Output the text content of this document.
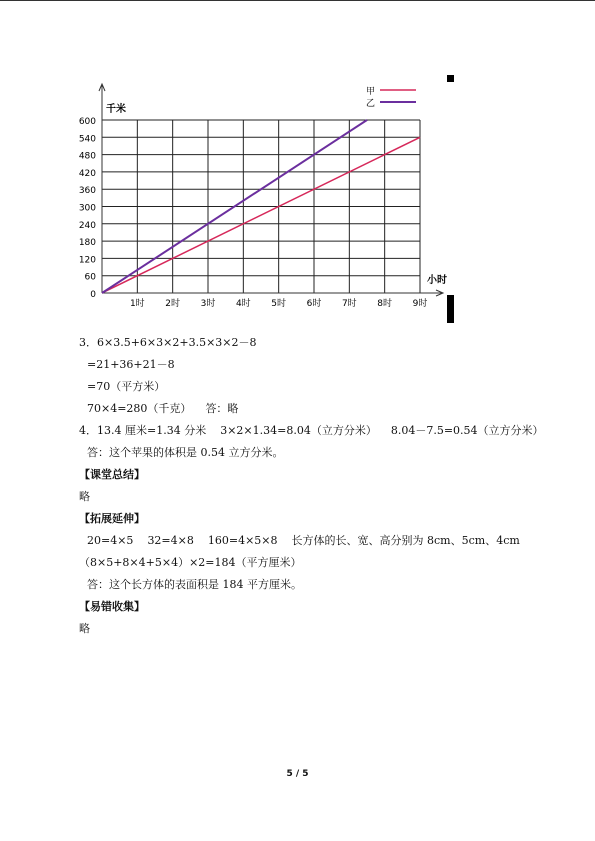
0
60
120
180
240
300
360
420
480
540
600
1时 2时 3时 4时 5时 6时 7时 8时 9时
甲
乙
千米
小时
3．6×3.5+6×3×2+3.5×3×2－8
=21+36+21－8
=70（平方米）
70×4=280（千克） 答：略
4．13.4 厘米=1.34 分米 3×2×1.34=8.04（立方分米） 8.04－7.5=0.54（立方分米）
答：这个苹果的体积是 0.54 立方分米。
【课堂总结】
略
【拓展延伸】
20=4×5 32=4×8 160=4×5×8 长方体的长、宽、高分别为 8cm、5cm、4cm
（8×5+8×4+5×4）×2=184（平方厘米）
答：这个长方体的表面积是 184 平方厘米。
【易错收集】
略
5 / 5
